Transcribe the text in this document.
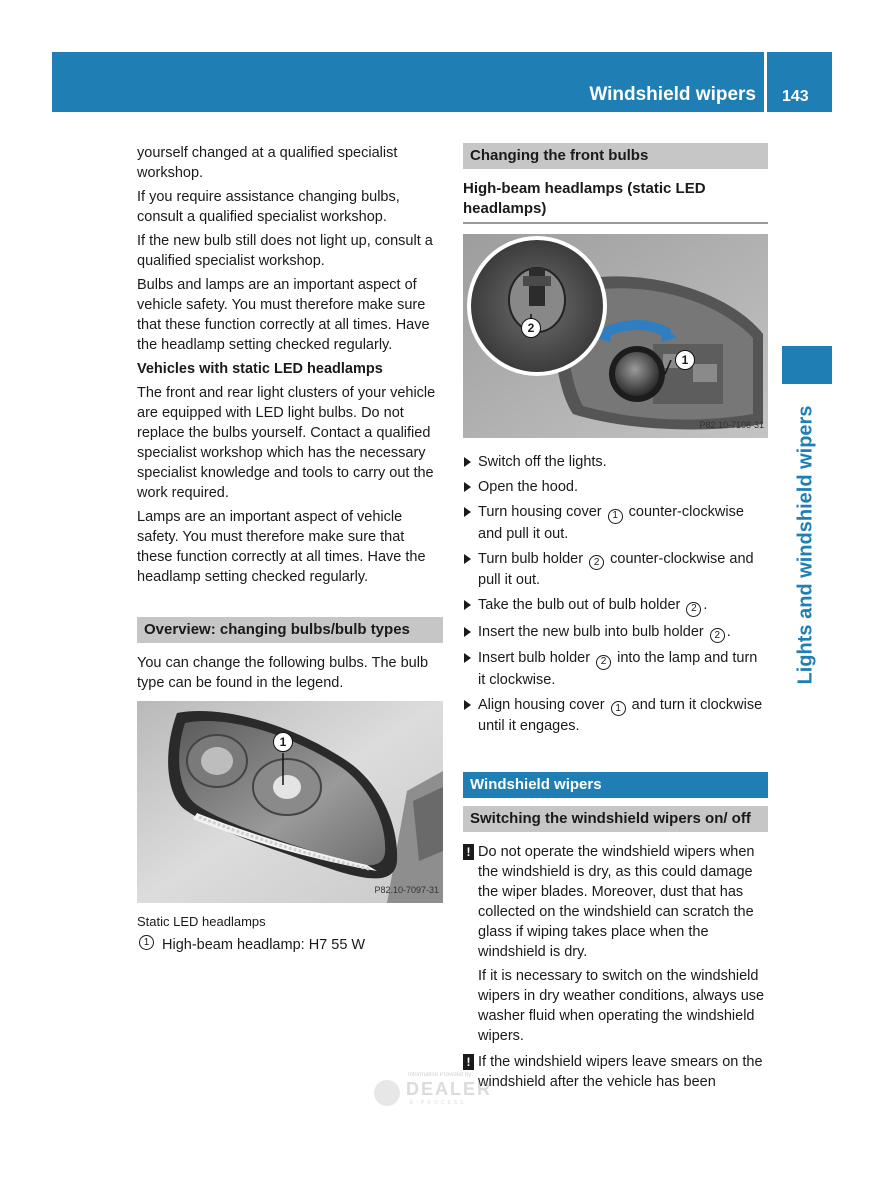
Windshield wipers 143
Lights and windshield wipers

yourself changed at a qualified specialist workshop.

If you require assistance changing bulbs, consult a qualified specialist workshop.

If the new bulb still does not light up, consult a qualified specialist workshop.

Bulbs and lamps are an important aspect of vehicle safety. You must therefore make sure that these function correctly at all times. Have the headlamp setting checked regularly.

Vehicles with static LED headlamps

The front and rear light clusters of your vehicle are equipped with LED light bulbs. Do not replace the bulbs yourself. Contact a qualified specialist workshop which has the necessary specialist knowledge and tools to carry out the work required.

Lamps are an important aspect of vehicle safety. You must therefore make sure that these function correctly at all times. Have the headlamp setting checked regularly.

Overview: changing bulbs/bulb types

You can change the following bulbs. The bulb type can be found in the legend.

1
P82.10-7097-31
Static LED headlamps
1 High-beam headlamp: H7 55 W
Changing the front bulbs
High-beam headlamps (static LED headlamps)
2
1
P82.10-7108-31
Switch off the lights.
Open the hood.
Turn housing cover 1 counter-clockwise and pull it out.
Turn bulb holder 2 counter-clockwise and pull it out.
Take the bulb out of bulb holder 2 .
Insert the new bulb into bulb holder 2 .
Insert bulb holder 2 into the lamp and turn it clockwise.
Align housing cover 1 and turn it clockwise until it engages.
Windshield wipers
Switching the windshield wipers on/ off
! Do not operate the windshield wipers when the windshield is dry, as this could damage the wiper blades. Moreover, dust that has collected on the windshield can scratch the glass if wiping takes place when the windshield is dry.
If it is necessary to switch on the windshield wipers in dry weather conditions, always use washer fluid when operating the windshield wipers.
! If the windshield wipers leave smears on the windshield after the vehicle has been
Information Provided by:
DEALER
E-PROCESS
